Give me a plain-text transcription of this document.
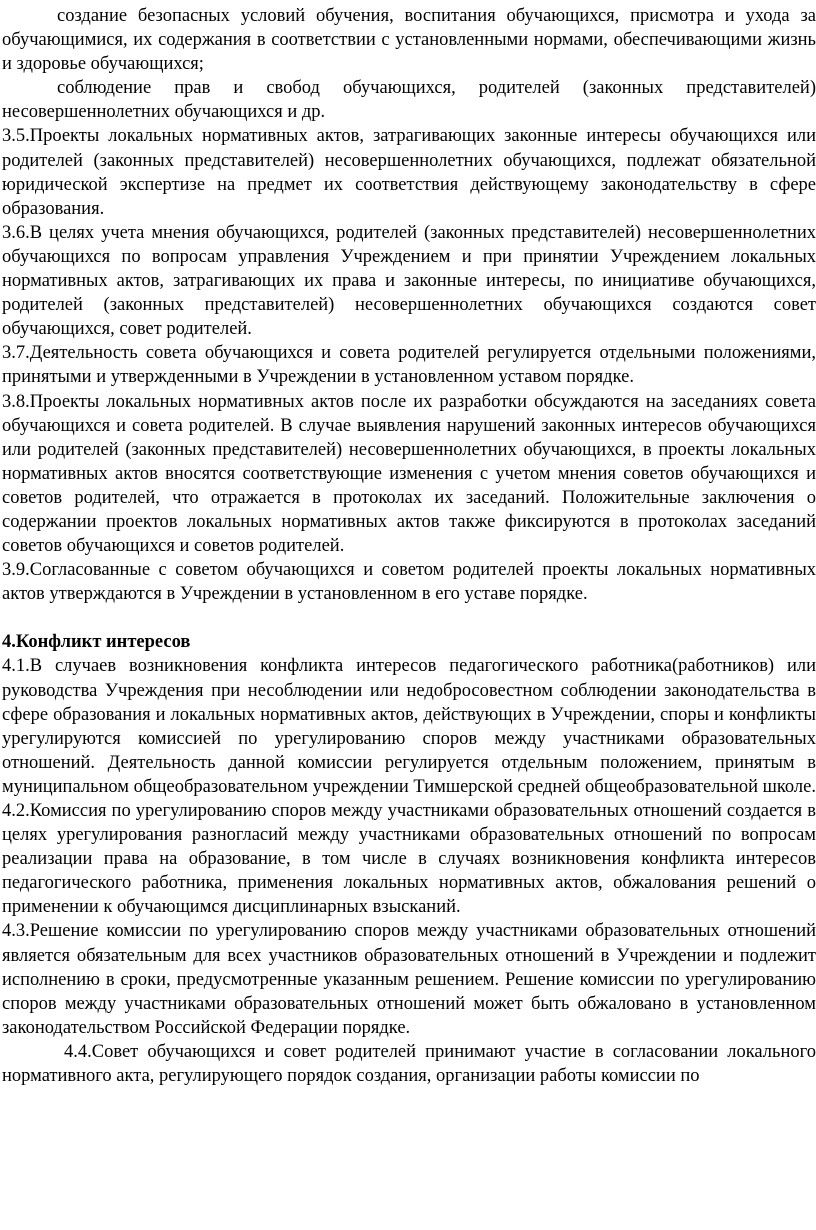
создание безопасных условий обучения, воспитания обучающихся, присмотра и ухода за обучающимися, их содержания в соответствии с установленными нормами, обеспечивающими жизнь и здоровье обучающихся;

соблюдение прав и свобод обучающихся, родителей (законных представителей) несовершеннолетних обучающихся и др.

3.5.Проекты локальных нормативных актов, затрагивающих законные интересы обучающихся или родителей (законных представителей) несовершеннолетних обучающихся, подлежат обязательной юридической экспертизе на предмет их соответствия действующему законодательству в сфере образования.

3.6.В целях учета мнения обучающихся, родителей (законных представителей) несовершеннолетних обучающихся по вопросам управления Учреждением и при принятии Учреждением локальных нормативных актов, затрагивающих их права и законные интересы, по инициативе обучающихся, родителей (законных представителей) несовершеннолетних обучающихся создаются совет обучающихся, совет родителей.

3.7.Деятельность совета обучающихся и совета родителей регулируется отдельными положениями, принятыми и утвержденными в Учреждении в установленном уставом порядке.

3.8.Проекты локальных нормативных актов после их разработки обсуждаются на заседаниях совета обучающихся и совета родителей. В случае выявления нарушений законных интересов обучающихся или родителей (законных представителей) несовершеннолетних обучающихся, в проекты локальных нормативных актов вносятся соответствующие изменения с учетом мнения советов обучающихся и советов родителей, что отражается в протоколах их заседаний. Положительные заключения о содержании проектов локальных нормативных актов также фиксируются в протоколах заседаний советов обучающихся и советов родителей.

3.9.Согласованные с советом обучающихся и советом родителей проекты локальных нормативных актов утверждаются в Учреждении в установленном в его уставе порядке.

4.Конфликт интересов

4.1.В случаев возникновения конфликта интересов педагогического работника(работников) или руководства Учреждения при несоблюдении или недобросовестном соблюдении законодательства в сфере образования и локальных нормативных актов, действующих в Учреждении, споры и конфликты урегулируются комиссией по урегулированию споров между участниками образовательных отношений. Деятельность данной комиссии регулируется отдельным положением, принятым в муниципальном общеобразовательном учреждении Тимшерской средней общеобразовательной школе.

4.2.Комиссия по урегулированию споров между участниками образовательных отношений создается в целях урегулирования разногласий между участниками образовательных отношений по вопросам реализации права на образование, в том числе в случаях возникновения конфликта интересов педагогического работника, применения локальных нормативных актов, обжалования решений о применении к обучающимся дисциплинарных взысканий.

4.3.Решение комиссии по урегулированию споров между участниками образовательных отношений является обязательным для всех участников образовательных отношений в Учреждении и подлежит исполнению в сроки, предусмотренные указанным решением. Решение комиссии по урегулированию споров между участниками образовательных отношений может быть обжаловано в установленном законодательством Российской Федерации порядке.

4.4.Совет обучающихся и совет родителей принимают участие в согласовании локального нормативного акта, регулирующего порядок создания, организации работы комиссии по
